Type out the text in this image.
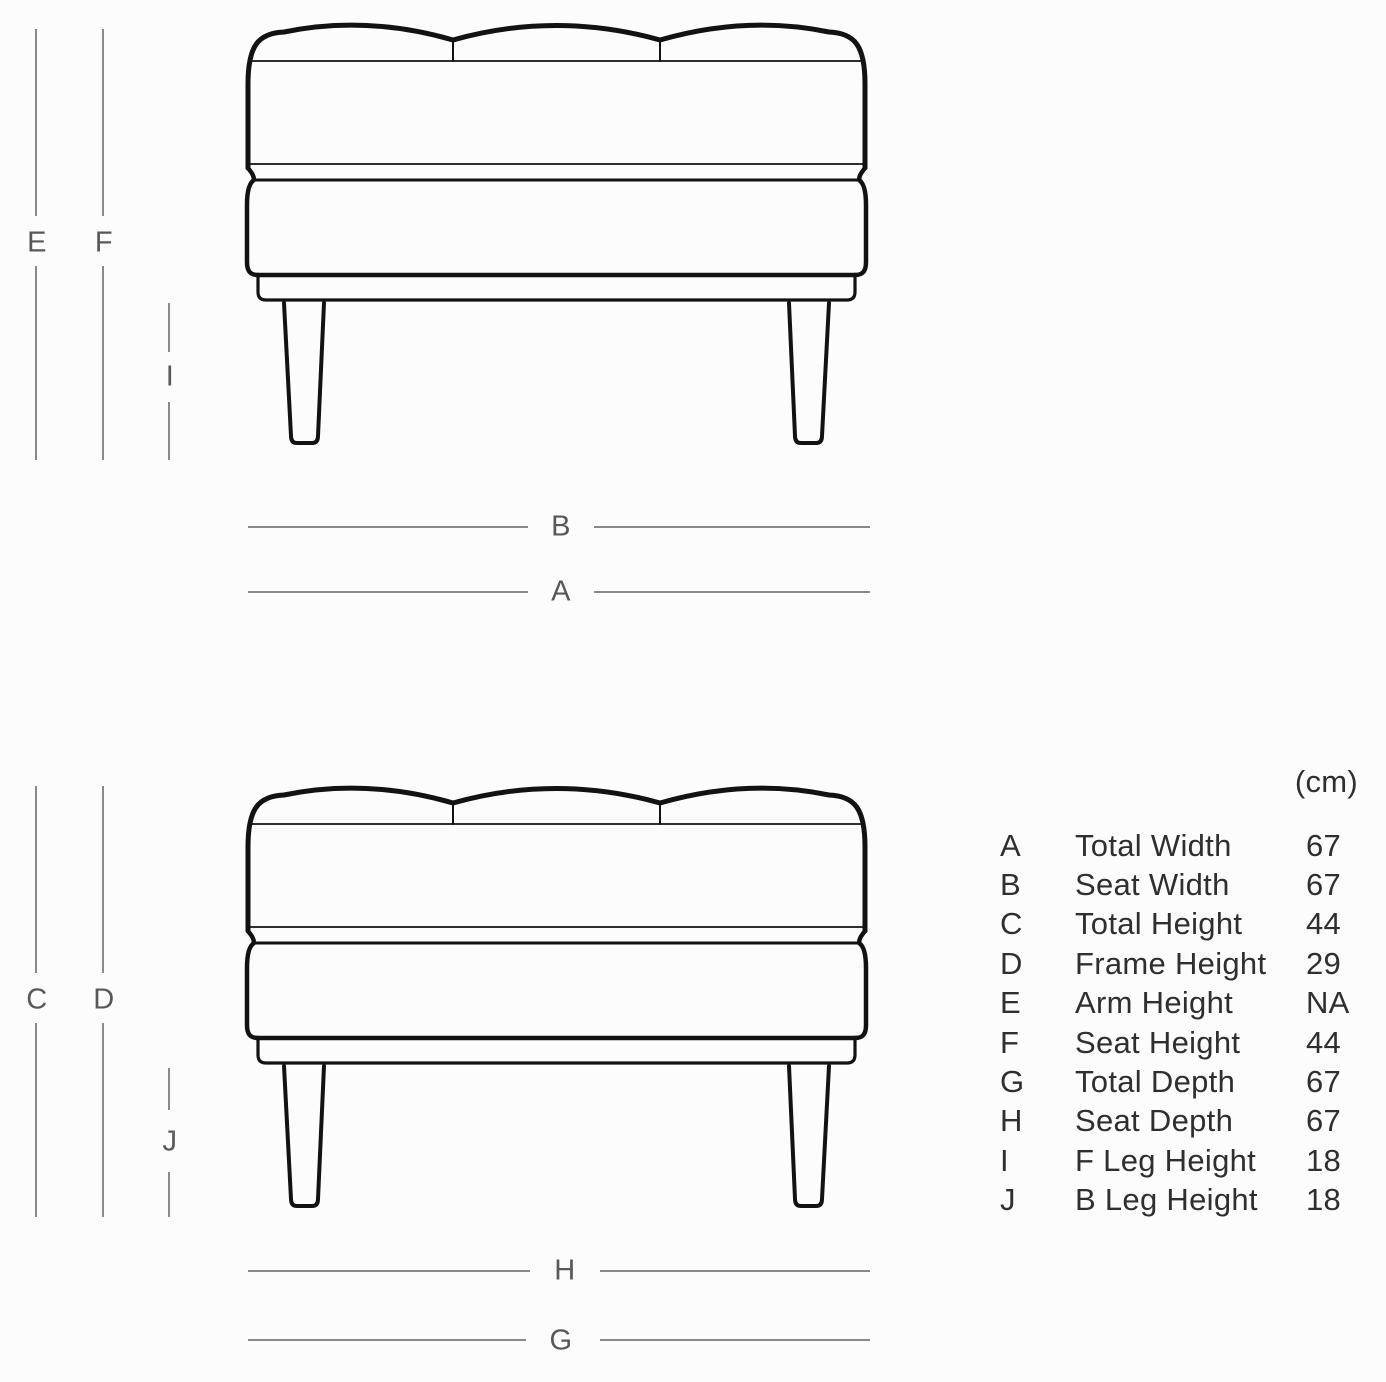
E F
I
B
A
C D
J
H
G
(cm)
A	Total Width	67
B	Seat Width	67
C	Total Height	44
D	Frame Height	29
E	Arm Height	NA
F	Seat Height	44
G	Total Depth	67
H	Seat Depth	67
I	F Leg Height	18
J	B Leg Height	18
